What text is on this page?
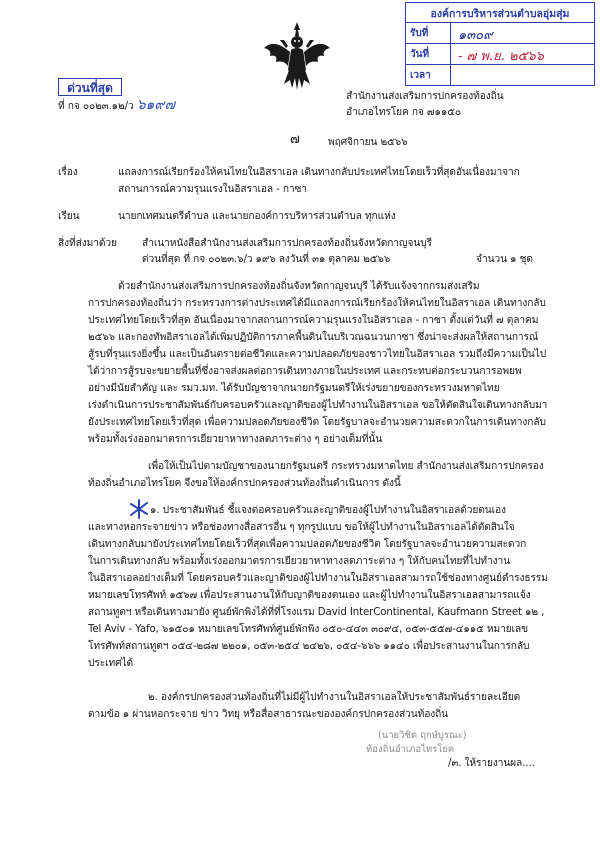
องค์การบริหารส่วนตำบลอุ่มสุ่ม
รับที่ ๑๓๐๙
วันที่ - ๗ พ.ย. ๒๕๖๖
เวลา
ด่วนที่สุด
ที่ กจ ๐๐๒๓.๑๒/ว ๖๑๙๗
สำนักงานส่งเสริมการปกครองท้องถิ่น
อำเภอไทรโยค กจ ๗๑๑๕๐
๗	พฤศจิกายน ๒๕๖๖
เรื่อง	แถลงการณ์เรียกร้องให้คนไทยในอิสราเอล เดินทางกลับประเทศไทยโดยเร็วที่สุดอันเนื่องมาจาก
สถานการณ์ความรุนแรงในอิสราเอล - กาซา
เรียน	นายกเทศมนตรีตำบล และนายกองค์การบริหารส่วนตำบล ทุกแห่ง
สิ่งที่ส่งมาด้วย สำเนาหนังสือสำนักงานส่งเสริมการปกครองท้องถิ่นจังหวัดกาญจนบุรี
ด่วนที่สุด ที่ กจ ๐๐๒๓.๖/ว ๑๙๖ ลงวันที่ ๓๑ ตุลาคม ๒๕๖๖	จำนวน ๑ ชุด
ด้วยสำนักงานส่งเสริมการปกครองท้องถิ่นจังหวัดกาญจนบุรี ได้รับแจ้งจากกรมส่งเสริม
การปกครองท้องถิ่นว่า กระทรวงการต่างประเทศได้มีแถลงการณ์เรียกร้องให้คนไทยในอิสราเอล เดินทางกลับ
ประเทศไทยโดยเร็วที่สุด อันเนื่องมาจากสถานการณ์ความรุนแรงในอิสราเอล - กาซา ตั้งแต่วันที่ ๗ ตุลาคม
๒๕๖๖ และกองทัพอิสราเอลได้เพิ่มปฏิบัติการภาคพื้นดินในบริเวณฉนวนกาซา ซึ่งน่าจะส่งผลให้สถานการณ์
สู้รบที่รุนแรงยิ่งขึ้น และเป็นอันตรายต่อชีวิตและความปลอดภัยของชาวไทยในอิสราเอล รวมถึงมีความเป็นไป
ได้ว่าการสู้รบจะขยายพื้นที่ซึ่งอาจส่งผลต่อการเดินทางภายในประเทศ และกระทบต่อกระบวนการอพยพ
อย่างมีนัยสำคัญ และ รมว.มท. ได้รับบัญชาจากนายกรัฐมนตรีให้เร่งขยายของกระทรวงมหาดไทย
เร่งดำเนินการประชาสัมพันธ์กับครอบครัวและญาติของผู้ไปทำงานในอิสราเอล ขอให้ตัดสินใจเดินทางกลับมา
ยังประเทศไทยโดยเร็วที่สุด เพื่อความปลอดภัยของชีวิต โดยรัฐบาลจะอำนวยความสะดวกในการเดินทางกลับ
พร้อมทั้งเร่งออกมาตรการเยียวยาหาทางลดภาระต่าง ๆ อย่างเต็มที่นั้น
เพื่อให้เป็นไปตามบัญชาของนายกรัฐมนตรี กระทรวงมหาดไทย สำนักงานส่งเสริมการปกครอง
ท้องถิ่นอำเภอไทรโยค จึงขอให้องค์กรปกครองส่วนท้องถิ่นดำเนินการ ดังนี้
๑. ประชาสัมพันธ์ ชี้แจงต่อครอบครัวและญาติของผู้ไปทำงานในอิสราเอลด้วยตนเอง
และทางหอกระจายข่าว หรือช่องทางสื่อสารอื่น ๆ ทุกรูปแบบ ขอให้ผู้ไปทำงานในอิสราเอลได้ตัดสินใจ
เดินทางกลับมายังประเทศไทยโดยเร็วที่สุดเพื่อความปลอดภัยของชีวิต โดยรัฐบาลจะอำนวยความสะดวก
ในการเดินทางกลับ พร้อมทั้งเร่งออกมาตรการเยียวยาหาทางลดภาระต่าง ๆ ให้กับคนไทยที่ไปทำงาน
ในอิสราเอลอย่างเต็มที่ โดยครอบครัวและญาติของผู้ไปทำงานในอิสราเอลสามารถใช้ช่องทางศูนย์ดำรงธรรม
หมายเลขโทรศัพท์ ๑๕๖๗ เพื่อประสานงานให้กับญาติของตนเอง และผู้ไปทำงานในอิสราเอลสามารถแจ้ง
สถานทูตฯ หรือเดินทางมายัง ศูนย์พักพิงได้ที่ที่โรงแรม David InterContinental, Kaufmann Street ๑๒ ,
Tel Aviv - Yafo, ๖๑๕๐๑ หมายเลขโทรศัพท์ศูนย์พักพิง ๐๕๐-๔๔๓ ๓๐๙๔, ๐๕๓-๕๕๗-๔๑๑๕ หมายเลข
โทรศัพท์สถานทูตฯ ๐๕๔-๒๘๗ ๒๒๐๑, ๐๕๓-๒๕๔ ๒๔๒๖, ๐๕๔-๖๖๖ ๑๑๔๐ เพื่อประสานงานในการกลับ
ประเทศได้
๒. องค์กรปกครองส่วนท้องถิ่นที่ไม่มีผู้ไปทำงานในอิสราเอลให้ประชาสัมพันธ์รายละเอียด
ตามข้อ ๑ ผ่านหอกระจาย ข่าว วิทยุ หรือสื่อสาธารณะขององค์กรปกครองส่วนท้องถิ่น
(นายวิชิต ฤกษ์บูรณะ)
ท้องถิ่นอำเภอไทรโยค
/๓. ให้รายงานผล....
